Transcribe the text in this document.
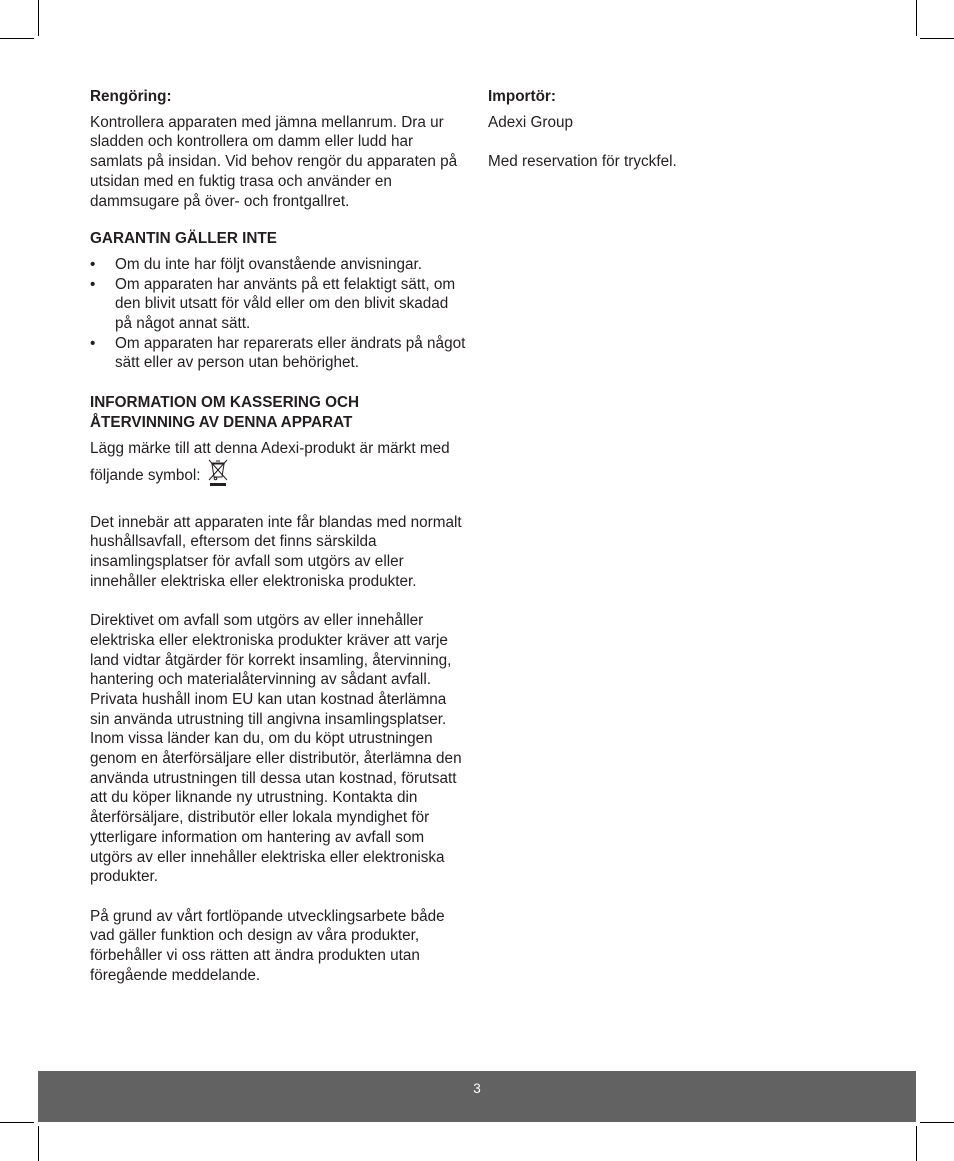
Rengöring:

Kontrollera apparaten med jämna mellanrum. Dra ur sladden och kontrollera om damm eller ludd har samlats på insidan. Vid behov rengör du apparaten på utsidan med en fuktig trasa och använder en dammsugare på över- och frontgallret.

GARANTIN GÄLLER INTE

• Om du inte har följt ovanstående anvisningar.
• Om apparaten har använts på ett felaktigt sätt, om den blivit utsatt för våld eller om den blivit skadad på något annat sätt.
• Om apparaten har reparerats eller ändrats på något sätt eller av person utan behörighet.

INFORMATION OM KASSERING OCH
ÅTERVINNING AV DENNA APPARAT

Lägg märke till att denna Adexi-produkt är märkt med följande symbol:

Det innebär att apparaten inte får blandas med normalt hushållsavfall, eftersom det finns särskilda insamlingsplatser för avfall som utgörs av eller innehåller elektriska eller elektroniska produkter.

Direktivet om avfall som utgörs av eller innehåller elektriska eller elektroniska produkter kräver att varje land vidtar åtgärder för korrekt insamling, återvinning, hantering och materialåtervinning av sådant avfall. Privata hushåll inom EU kan utan kostnad återlämna sin använda utrustning till angivna insamlingsplatser. Inom vissa länder kan du, om du köpt utrustningen genom en återförsäljare eller distributör, återlämna den använda utrustningen till dessa utan kostnad, förutsatt att du köper liknande ny utrustning. Kontakta din återförsäljare, distributör eller lokala myndighet för ytterligare information om hantering av avfall som utgörs av eller innehåller elektriska eller elektroniska produkter.

På grund av vårt fortlöpande utvecklingsarbete både vad gäller funktion och design av våra produkter, förbehåller vi oss rätten att ändra produkten utan föregående meddelande.

Importör:

Adexi Group

Med reservation för tryckfel.

3
